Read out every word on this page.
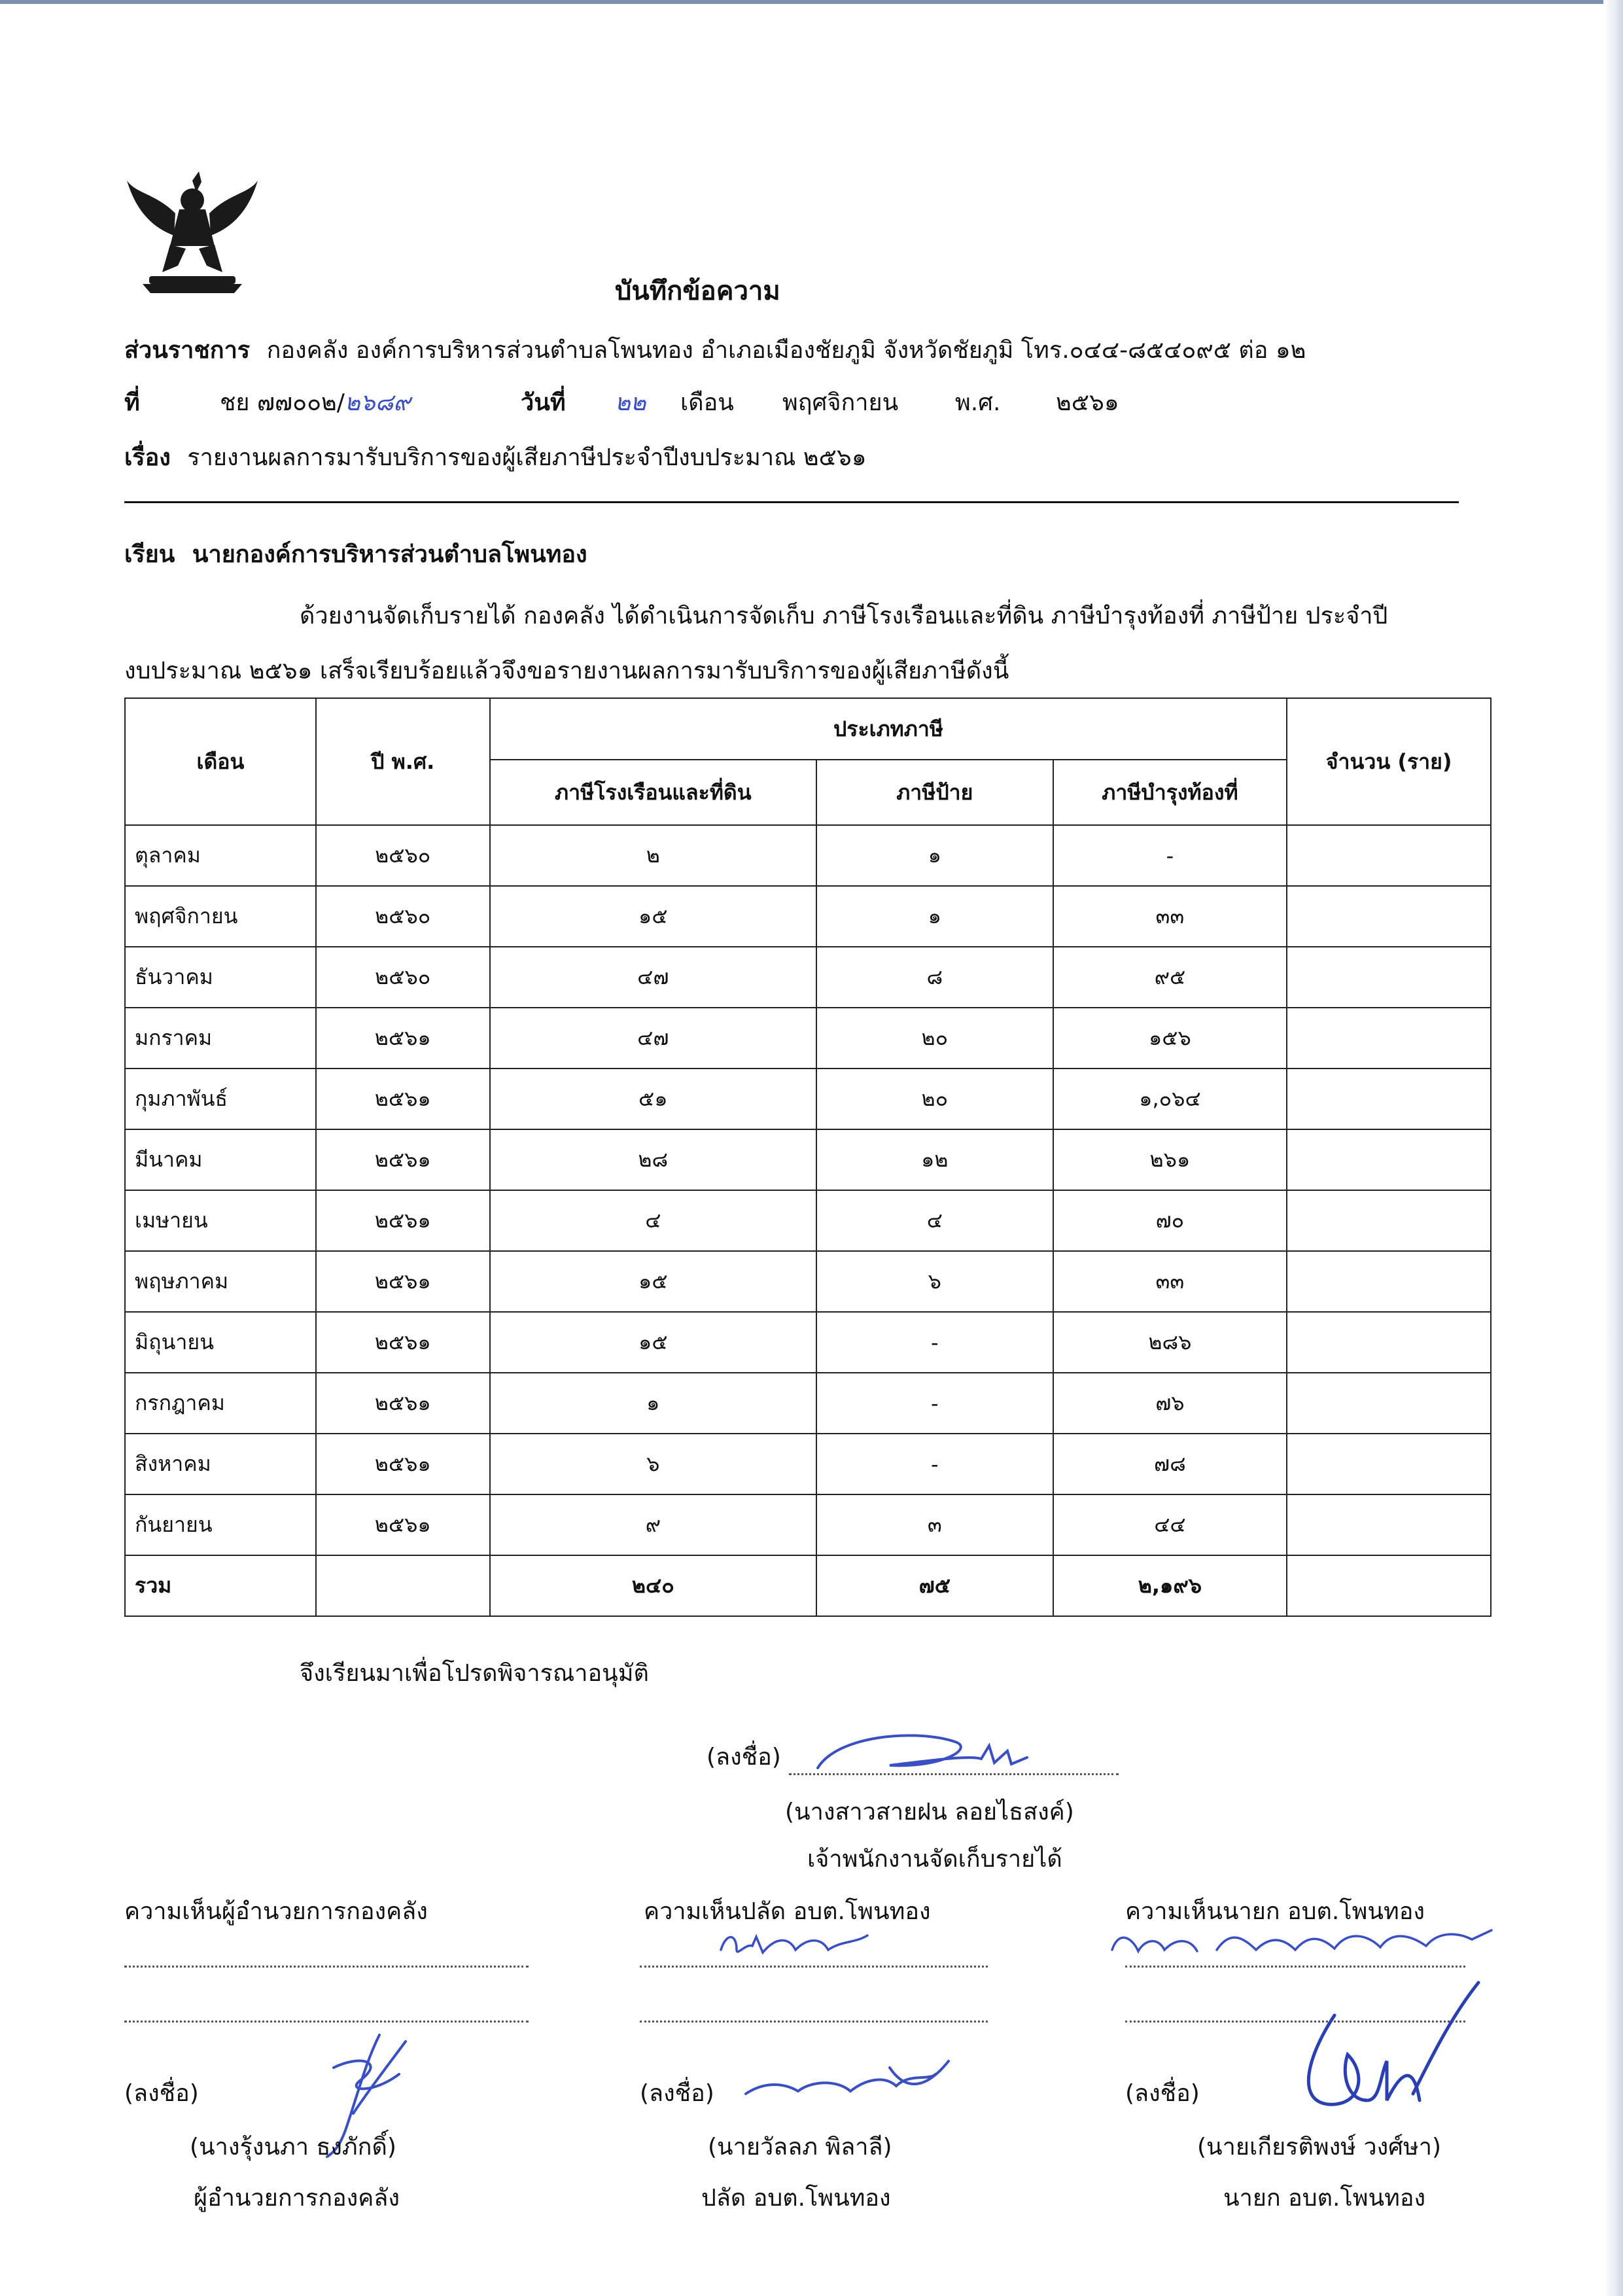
บันทึกข้อความ
ส่วนราชการ กองคลัง องค์การบริหารส่วนตำบลโพนทอง อำเภอเมืองชัยภูมิ จังหวัดชัยภูมิ โทร.๐๔๔-๘๕๔๐๙๕ ต่อ ๑๒
ที่	ชย ๗๗๐๐๒/๒๖๘๙	วันที่ ๒๒ เดือน พฤศจิกายน พ.ศ. ๒๕๖๑
เรื่อง รายงานผลการมารับบริการของผู้เสียภาษีประจำปีงบประมาณ ๒๕๖๑
เรียน นายกองค์การบริหารส่วนตำบลโพนทอง
ด้วยงานจัดเก็บรายได้ กองคลัง ได้ดำเนินการจัดเก็บ ภาษีโรงเรือนและที่ดิน ภาษีบำรุงท้องที่ ภาษีป้าย ประจำปี
งบประมาณ ๒๕๖๑ เสร็จเรียบร้อยแล้วจึงขอรายงานผลการมารับบริการของผู้เสียภาษีดังนี้
เดือน	ปี พ.ศ.	ประเภทภาษี			จำนวน (ราย)
		ภาษีโรงเรือนและที่ดิน	ภาษีป้าย	ภาษีบำรุงท้องที่	
ตุลาคม	๒๕๖๐	๒	๑	-	
พฤศจิกายน	๒๕๖๐	๑๕	๑	๓๓	
ธันวาคม	๒๕๖๐	๔๗	๘	๙๕	
มกราคม	๒๕๖๑	๔๗	๒๐	๑๕๖	
กุมภาพันธ์	๒๕๖๑	๕๑	๒๐	๑,๐๖๔	
มีนาคม	๒๕๖๑	๒๘	๑๒	๒๖๑	
เมษายน	๒๕๖๑	๔	๔	๗๐	
พฤษภาคม	๒๕๖๑	๑๕	๖	๓๓	
มิถุนายน	๒๕๖๑	๑๕	-	๒๘๖	
กรกฎาคม	๒๕๖๑	๑	-	๗๖	
สิงหาคม	๒๕๖๑	๖	-	๗๘	
กันยายน	๒๕๖๑	๙	๓	๔๔	
รวม		๒๔๐	๗๕	๒,๑๙๖	
จึงเรียนมาเพื่อโปรดพิจารณาอนุมัติ
(ลงชื่อ)
(นางสาวสายฝน ลอยไธสงค์)
เจ้าพนักงานจัดเก็บรายได้
ความเห็นผู้อำนวยการกองคลัง
(ลงชื่อ)
(นางรุ้งนภา ธงภักดิ์)
ผู้อำนวยการกองคลัง
ความเห็นปลัด อบต.โพนทอง
(ลงชื่อ)
(นายวัลลภ พิลาลี)
ปลัด อบต.โพนทอง
ความเห็นนายก อบต.โพนทอง
(ลงชื่อ)
(นายเกียรติพงษ์ วงศ์ษา)
นายก อบต.โพนทอง
